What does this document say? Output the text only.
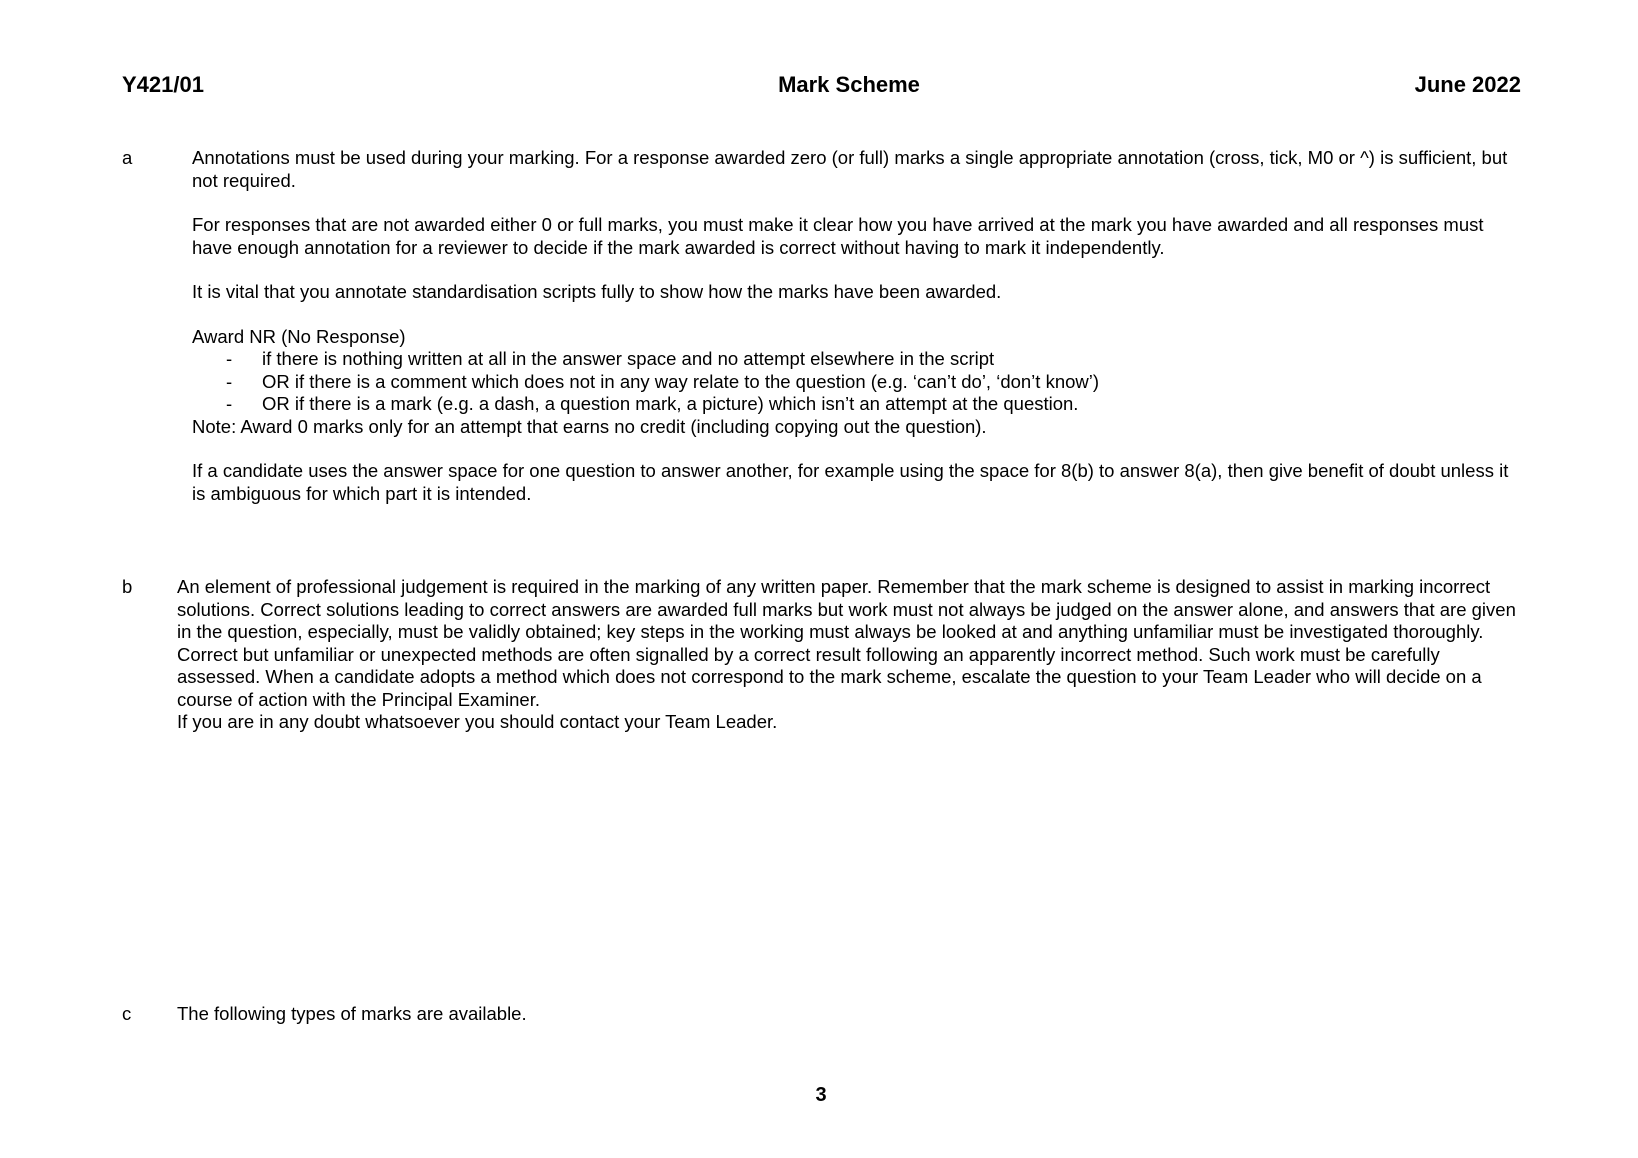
Y421/01	Mark Scheme	June 2022
a	Annotations must be used during your marking. For a response awarded zero (or full) marks a single appropriate annotation (cross, tick, M0 or ^) is sufficient, but not required.

For responses that are not awarded either 0 or full marks, you must make it clear how you have arrived at the mark you have awarded and all responses must have enough annotation for a reviewer to decide if the mark awarded is correct without having to mark it independently.

It is vital that you annotate standardisation scripts fully to show how the marks have been awarded.

Award NR (No Response)

- if there is nothing written at all in the answer space and no attempt elsewhere in the script
- OR if there is a comment which does not in any way relate to the question (e.g. ‘can’t do’, ‘don’t know’)
- OR if there is a mark (e.g. a dash, a question mark, a picture) which isn’t an attempt at the question.

Note: Award 0 marks only for an attempt that earns no credit (including copying out the question).

If a candidate uses the answer space for one question to answer another, for example using the space for 8(b) to answer 8(a), then give benefit of doubt unless it is ambiguous for which part it is intended.

b An element of professional judgement is required in the marking of any written paper. Remember that the mark scheme is designed to assist in marking incorrect solutions. Correct solutions leading to correct answers are awarded full marks but work must not always be judged on the answer alone, and answers that are given in the question, especially, must be validly obtained; key steps in the working must always be looked at and anything unfamiliar must be investigated thoroughly. Correct but unfamiliar or unexpected methods are often signalled by a correct result following an apparently incorrect method. Such work must be carefully assessed. When a candidate adopts a method which does not correspond to the mark scheme, escalate the question to your Team Leader who will decide on a course of action with the Principal Examiner.

If you are in any doubt whatsoever you should contact your Team Leader.

c The following types of marks are available.

3
